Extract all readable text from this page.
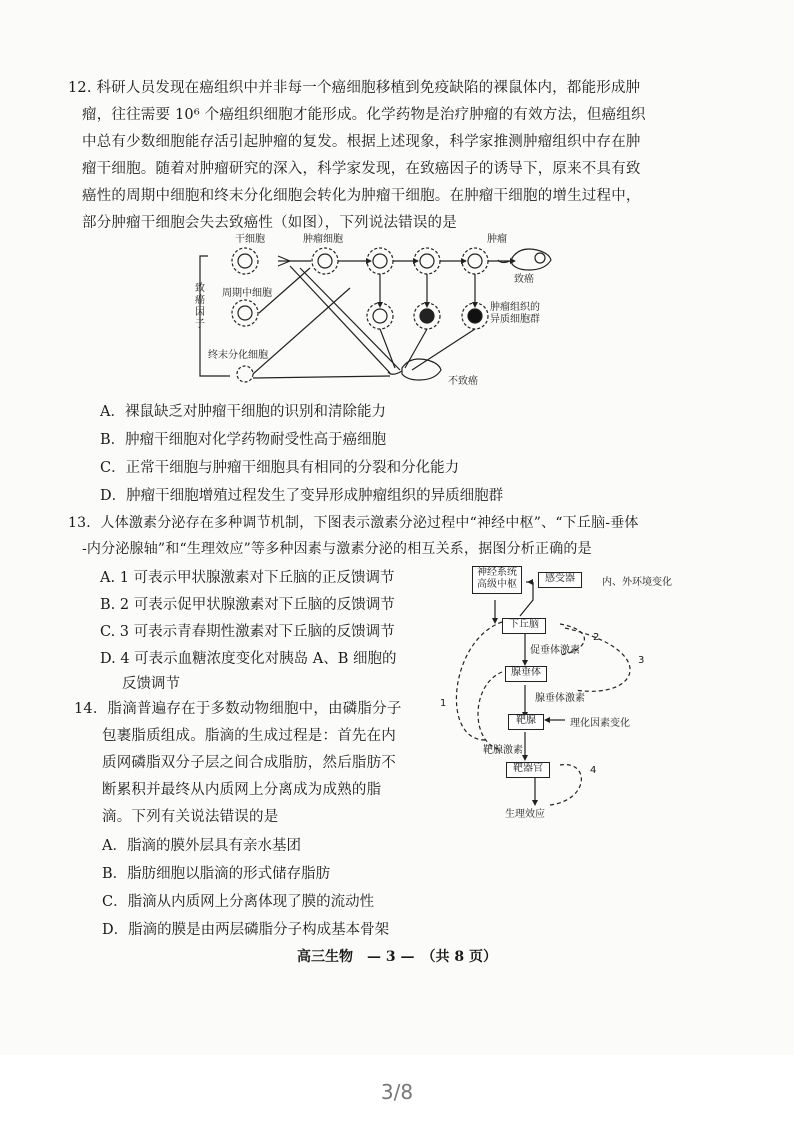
12. 科研人员发现在癌组织中并非每一个癌细胞移植到免疫缺陷的裸鼠体内，都能形成肿
瘤，往往需要 10⁶ 个癌组织细胞才能形成。化学药物是治疗肿瘤的有效方法，但癌组织
中总有少数细胞能存活引起肿瘤的复发。根据上述现象，科学家推测肿瘤组织中存在肿
瘤干细胞。随着对肿瘤研究的深入，科学家发现，在致癌因子的诱导下，原来不具有致
癌性的周期中细胞和终末分化细胞会转化为肿瘤干细胞。在肿瘤干细胞的增生过程中，
部分肿瘤干细胞会失去致癌性（如图），下列说法错误的是
干细胞	肿瘤细胞	肿瘤
致癌
致
癌
因
子
周期中细胞
终末分化细胞
肿瘤组织的
异质细胞群
不致癌
A．裸鼠缺乏对肿瘤干细胞的识别和清除能力
B．肿瘤干细胞对化学药物耐受性高于癌细胞
C．正常干细胞与肿瘤干细胞具有相同的分裂和分化能力
D．肿瘤干细胞增殖过程发生了变异形成肿瘤组织的异质细胞群
13．人体激素分泌存在多种调节机制，下图表示激素分泌过程中“神经中枢”、“下丘脑-垂体
-内分泌腺轴”和“生理效应”等多种因素与激素分泌的相互关系，据图分析正确的是
A. 1 可表示甲状腺激素对下丘脑的正反馈调节
B. 2 可表示促甲状腺激素对下丘脑的反馈调节
C. 3 可表示青春期性激素对下丘脑的反馈调节
D. 4 可表示血糖浓度变化对胰岛 A、B 细胞的
反馈调节
神经系统
高级中枢
感受器	内、外环境变化
下丘脑
促垂体激素
腺垂体
腺垂体激素
靶腺	理化因素变化
靶腺激素
靶器官
生理效应
1
2
3
4
14．脂滴普遍存在于多数动物细胞中，由磷脂分子
包裹脂质组成。脂滴的生成过程是：首先在内
质网磷脂双分子层之间合成脂肪，然后脂肪不
断累积并最终从内质网上分离成为成熟的脂
滴。下列有关说法错误的是
A．脂滴的膜外层具有亲水基团
B．脂肪细胞以脂滴的形式储存脂肪
C．脂滴从内质网上分离体现了膜的流动性
D．脂滴的膜是由两层磷脂分子构成基本骨架
高三生物　— 3 —　（共 8 页）
3/8
